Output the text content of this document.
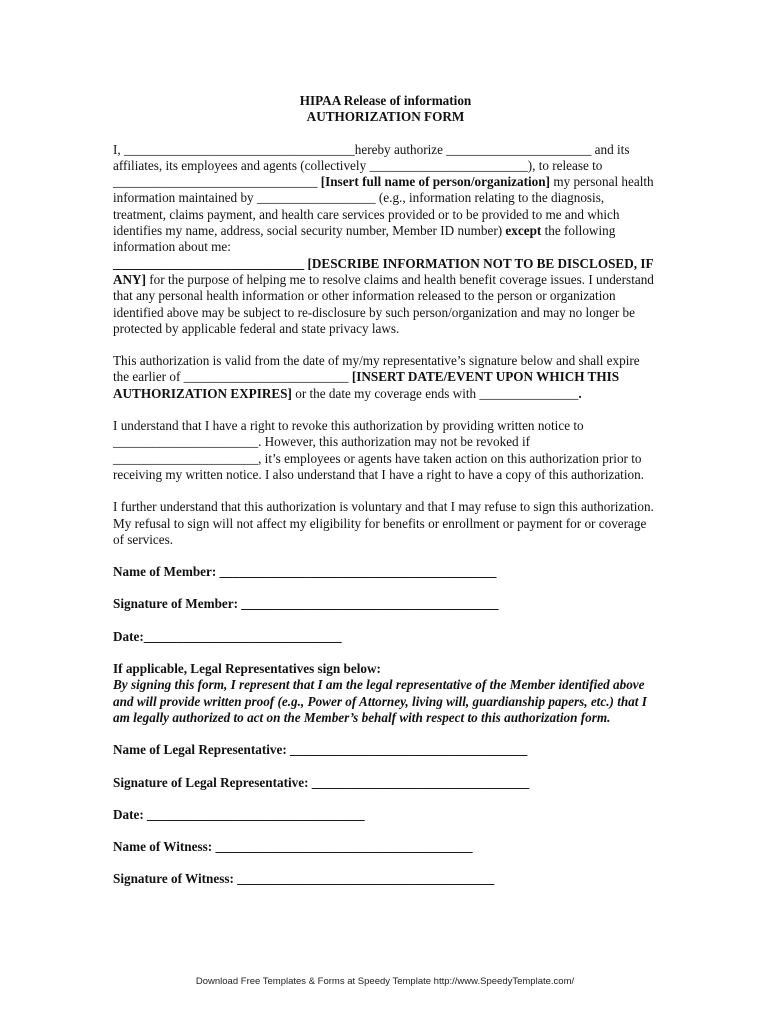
HIPAA Release of information

AUTHORIZATION FORM

I, ___________________________________hereby authorize ______________________ and its affiliates, its employees and agents (collectively ________________________), to release to _______________________________ [Insert full name of person/organization] my personal health information maintained by __________________ (e.g., information relating to the diagnosis, treatment, claims payment, and health care services provided or to be provided to me and which identifies my name, address, social security number, Member ID number) except the following information about me:
_____________________________ [DESCRIBE INFORMATION NOT TO BE DISCLOSED, IF ANY] for the purpose of helping me to resolve claims and health benefit coverage issues. I understand that any personal health information or other information released to the person or organization identified above may be subject to re-disclosure by such person/organization and may no longer be protected by applicable federal and state privacy laws.

This authorization is valid from the date of my/my representative’s signature below and shall expire the earlier of _________________________ [INSERT DATE/EVENT UPON WHICH THIS AUTHORIZATION EXPIRES] or the date my coverage ends with _______________.

I understand that I have a right to revoke this authorization by providing written notice to ______________________. However, this authorization may not be revoked if ______________________, it’s employees or agents have taken action on this authorization prior to receiving my written notice. I also understand that I have a right to have a copy of this authorization.

I further understand that this authorization is voluntary and that I may refuse to sign this authorization. My refusal to sign will not affect my eligibility for benefits or enrollment or payment for or coverage of services.

Name of Member: __________________________________________

Signature of Member: _______________________________________

Date:______________________________

If applicable, Legal Representatives sign below:

By signing this form, I represent that I am the legal representative of the Member identified above and will provide written proof (e.g., Power of Attorney, living will, guardianship papers, etc.) that I am legally authorized to act on the Member’s behalf with respect to this authorization form.

Name of Legal Representative: ____________________________________

Signature of Legal Representative: _________________________________

Date: _________________________________

Name of Witness: _______________________________________

Signature of Witness: _______________________________________

Download Free Templates & Forms at Speedy Template http://www.SpeedyTemplate.com/
